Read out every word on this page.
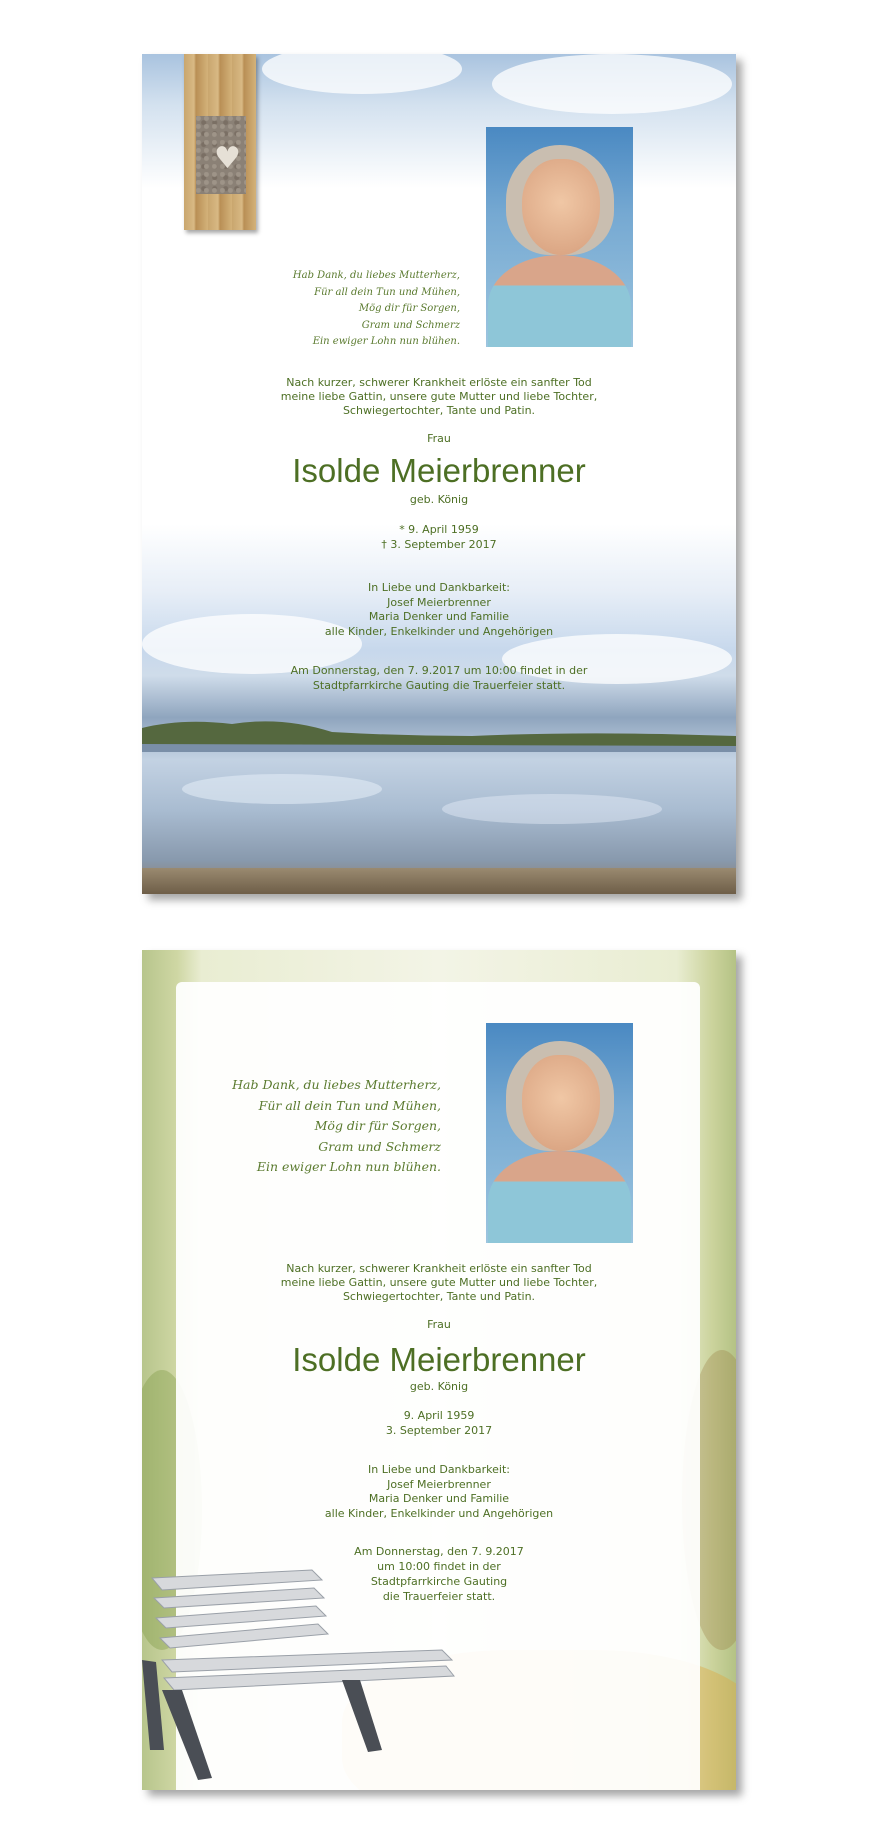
♥
Hab Dank, du liebes Mutterherz,
Für all dein Tun und Mühen,
Mög dir für Sorgen,
Gram und Schmerz
Ein ewiger Lohn nun blühen.
Nach kurzer, schwerer Krankheit erlöste ein sanfter Tod
meine liebe Gattin, unsere gute Mutter und liebe Tochter,
Schwiegertochter, Tante und Patin.
Frau
Isolde Meierbrenner
geb. König
* 9. April 1959
† 3. September 2017
In Liebe und Dankbarkeit:
Josef Meierbrenner
Maria Denker und Familie
alle Kinder, Enkelkinder und Angehörigen
Am Donnerstag, den 7. 9.2017 um 10:00 findet in der
Stadtpfarrkirche Gauting die Trauerfeier statt.
Hab Dank, du liebes Mutterherz,
Für all dein Tun und Mühen,
Mög dir für Sorgen,
Gram und Schmerz
Ein ewiger Lohn nun blühen.
Nach kurzer, schwerer Krankheit erlöste ein sanfter Tod
meine liebe Gattin, unsere gute Mutter und liebe Tochter,
Schwiegertochter, Tante und Patin.
Frau
Isolde Meierbrenner
geb. König
9. April 1959
3. September 2017
In Liebe und Dankbarkeit:
Josef Meierbrenner
Maria Denker und Familie
alle Kinder, Enkelkinder und Angehörigen
Am Donnerstag, den 7. 9.2017
um 10:00 findet in der
Stadtpfarrkirche Gauting
die Trauerfeier statt.
